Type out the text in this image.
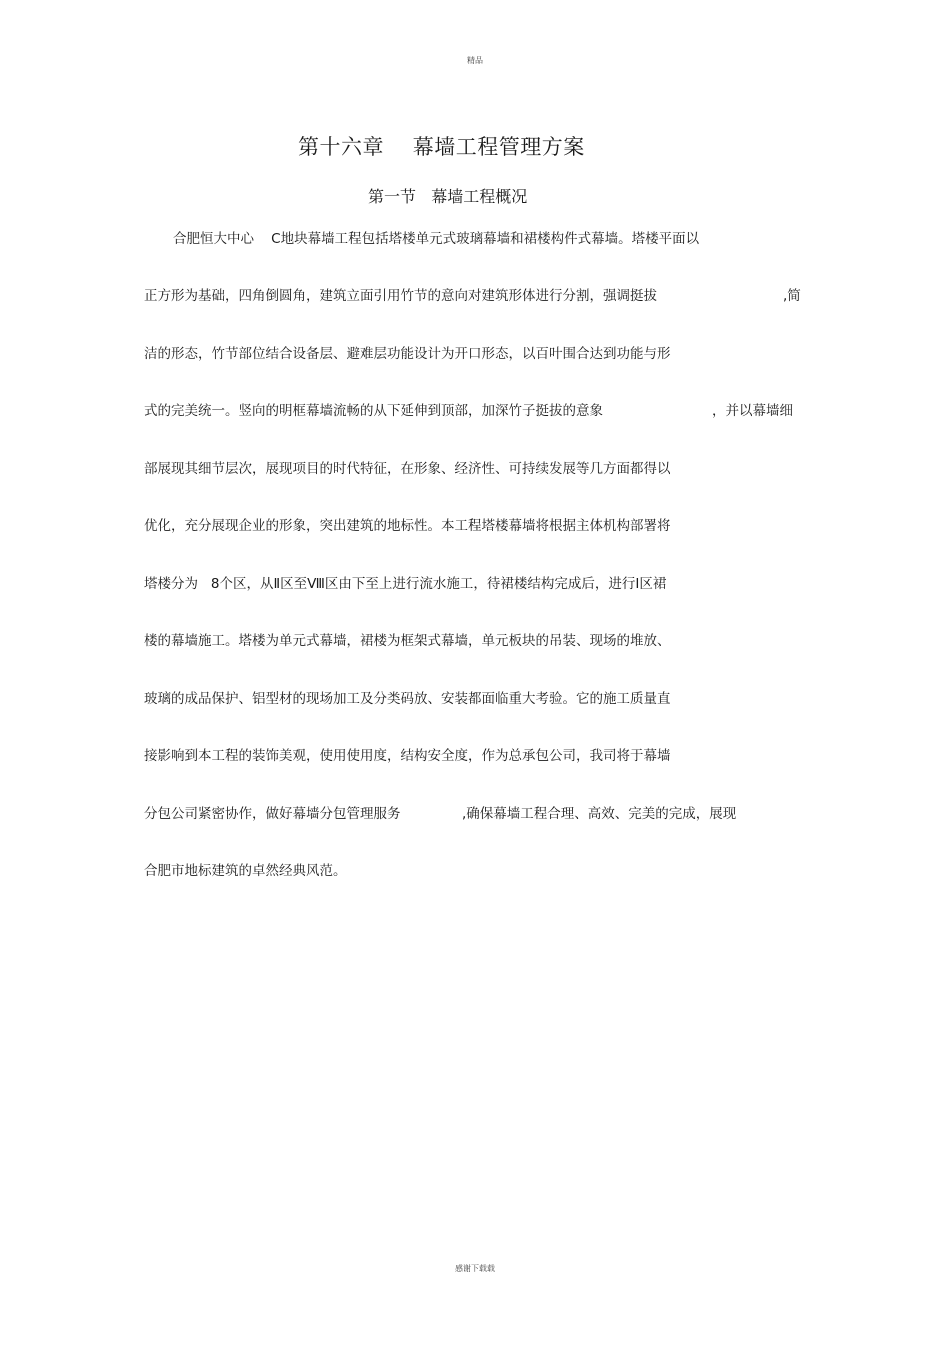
精品
第十六章    幕墙工程管理方案
第一节   幕墙工程概况
合肥恒大中心    C地块幕墙工程包括塔楼单元式玻璃幕墙和裙楼构件式幕墙。塔楼平面以
正方形为基础，四角倒圆角，建筑立面引用竹节的意向对建筑形体进行分割，强调挺拔	,简
洁的形态，竹节部位结合设备层、避难层功能设计为开口形态，以百叶围合达到功能与形
式的完美统一。竖向的明框幕墙流畅的从下延伸到顶部，加深竹子挺拔的意象	，并以幕墙细
部展现其细节层次，展现项目的时代特征，在形象、经济性、可持续发展等几方面都得以
优化，充分展现企业的形象，突出建筑的地标性。本工程塔楼幕墙将根据主体机构部署将
塔楼分为   8个区，从Ⅱ区至Ⅷ区由下至上进行流水施工，待裙楼结构完成后，进行Ⅰ区裙
楼的幕墙施工。塔楼为单元式幕墙，裙楼为框架式幕墙，单元板块的吊装、现场的堆放、
玻璃的成品保护、铝型材的现场加工及分类码放、安装都面临重大考验。它的施工质量直
接影响到本工程的装饰美观，使用使用度，结构安全度，作为总承包公司，我司将于幕墙
分包公司紧密协作，做好幕墙分包管理服务	,确保幕墙工程合理、高效、完美的完成，展现
合肥市地标建筑的卓然经典风范。
感谢下载载
